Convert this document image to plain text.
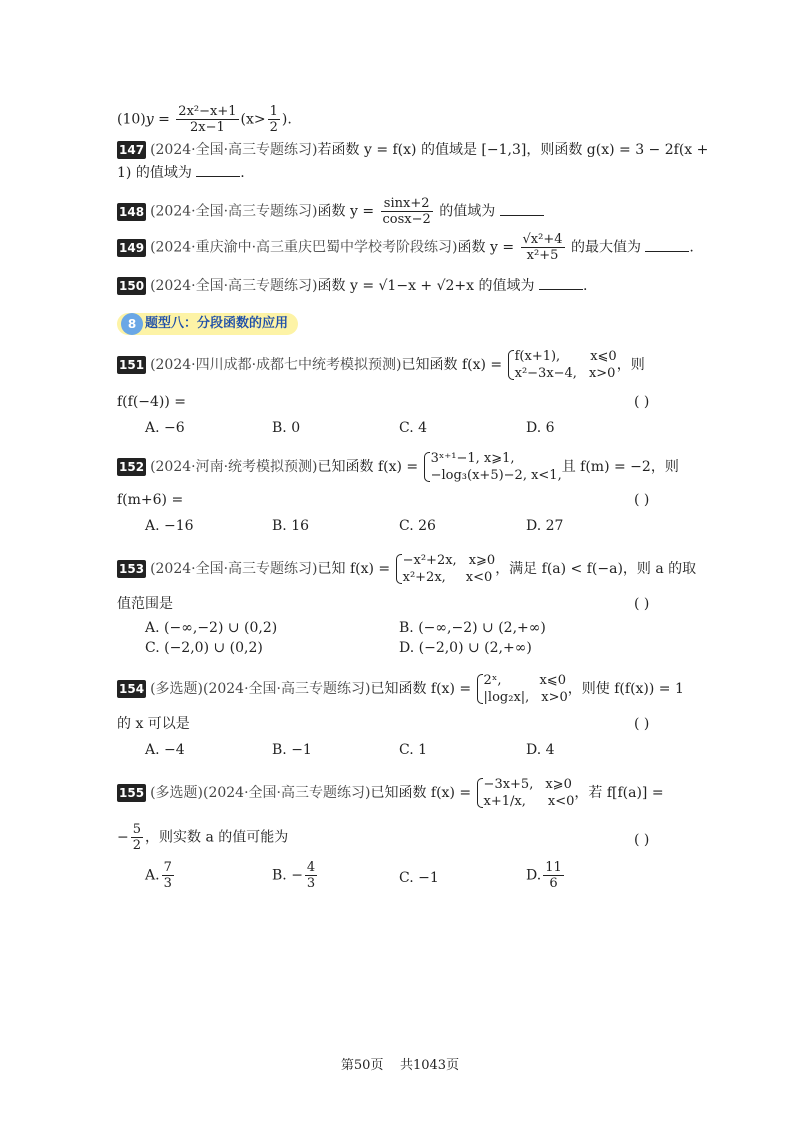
$(10)y = \frac{\text{2x²−x+1}}{2x-1} (x> \frac{1}{2}$ ).
147 (2024·全国·高三专题练习)若函数 y = f(x) 的值域是 [−1,3]，则函数 g(x) = 3 − 2f(x +
1) 的值域为	.
148 (2024·全国·高三专题练习)函数 $y = \frac{\sin x+2}{\cos x-2}$ 的值域为
149 (2024·重庆渝中·高三重庆巴蜀中学校考阶段练习)函数 $y = \frac{\text{√x²+4}}{\text{x²+5}}$ 的最大值为	.
150 (2024·全国·高三专题练习)函数 y = √1−x + √2+x 的值域为	.
题型八：分段函数的应用
8
151 (2024·四川成都·成都七中统考模拟预测)已知函数 f(x) =
f(x+1), x⩽0
x²−3x−4, x>0
，则
f(f(−4)) =	( )
A. −6	B. 0	C. 4	D. 6
152 (2024·河南·统考模拟预测)已知函数 f(x) =
3ˣ⁺¹−1, x⩾1,
−log₃(x+5)−2, x<1,
且 f(m) = −2，则
f(m+6) =	( )
A. −16	B. 16	C. 26	D. 27
153 (2024·全国·高三专题练习)已知 f(x) =
−x²+2x, x⩾0
x²+2x, x<0
，满足 f(a) < f(−a)，则 a 的取
值范围是	( )
A. (−∞,−2) ∪ (0,2)	B. (−∞,−2) ∪ (2,+∞)
C. (−2,0) ∪ (0,2)	D. (−2,0) ∪ (2,+∞)
154 (多选题)(2024·全国·高三专题练习)已知函数 f(x) =
2ˣ,	x⩽0
|log₂x|, x>0
，则使 f(f(x)) = 1
的 x 可以是	( )
A. −4	B. −1	C. 1	D. 4
155 (多选题)(2024·全国·高三专题练习)已知函数 f(x) =
−3x+5, x⩾0
x+1/x, x<0
，若 f[f(a)] =
− $\frac{5}{2}$ ，则实数 a 的值可能为	( )
A. $\frac{7}{3}$	B. − $\frac{4}{3}$	C. −1	D. $\frac{11}{6}$
第50页 共1043页
